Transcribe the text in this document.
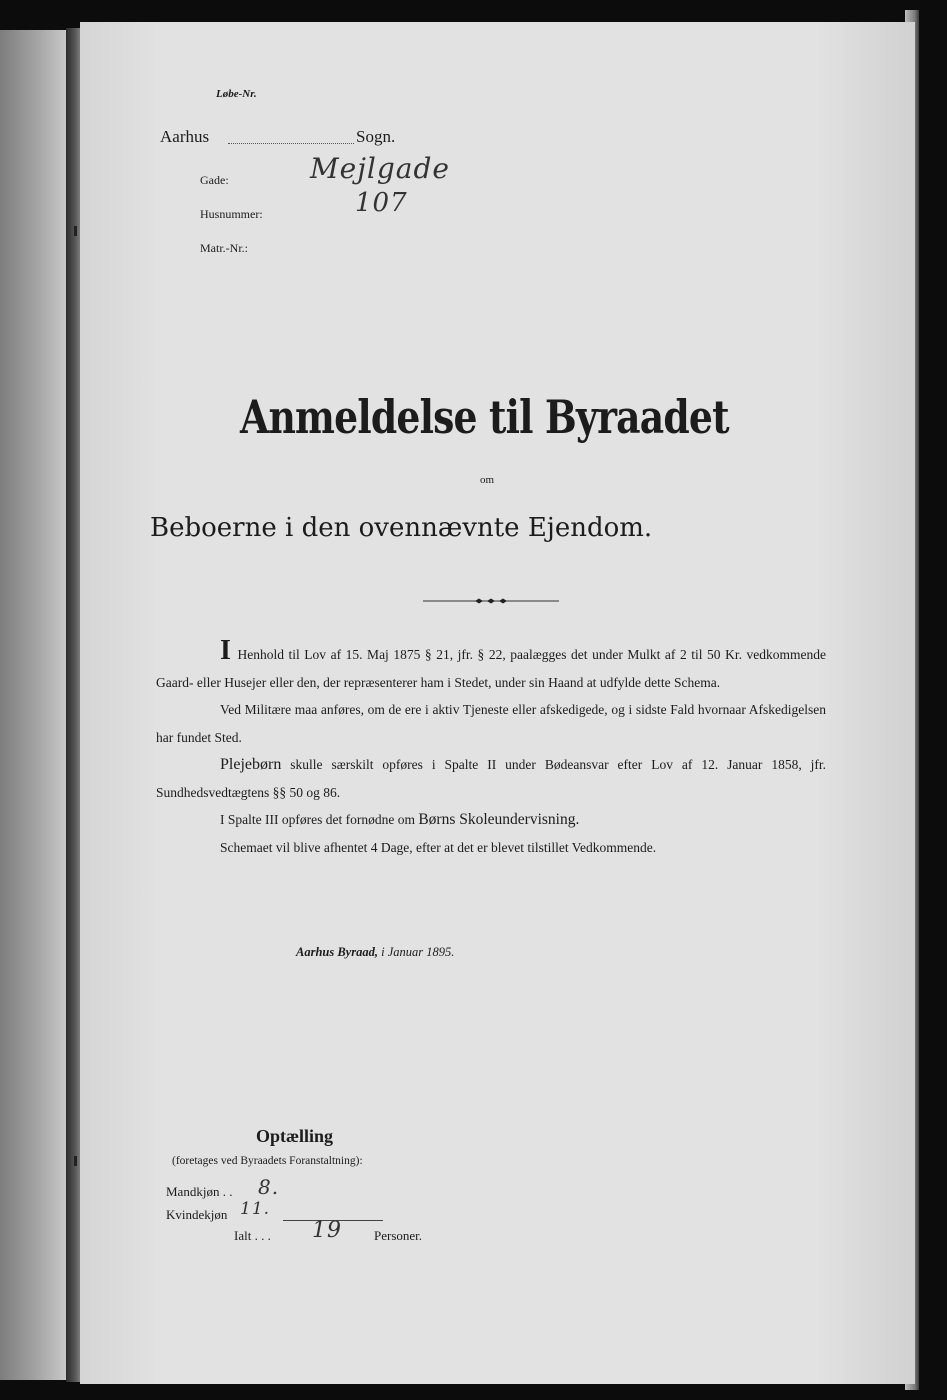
Løbe-Nr.
Aarhus	Sogn.
Gade:	Mejlgade
Husnummer:	107
Matr.-Nr.:
Anmeldelse til Byraadet
om
Beboerne i den ovennævnte Ejendom.

I Henhold til Lov af 15. Maj 1875 § 21, jfr. § 22, paalægges det under Mulkt af 2 til 50 Kr. vedkommende Gaard- eller Husejer eller den, der repræsenterer ham i Stedet, under sin Haand at udfylde dette Schema.

Ved Militære maa anføres, om de ere i aktiv Tjeneste eller afskedigede, og i sidste Fald hvornaar Afskedigelsen har fundet Sted.

Plejebørn skulle særskilt opføres i Spalte II under Bødeansvar efter Lov af 12. Januar 1858, jfr. Sundhedsvedtægtens §§ 50 og 86.

I Spalte III opføres det fornødne om Børns Skoleundervisning.

Schemaet vil blive afhentet 4 Dage, efter at det er blevet tilstillet Vedkommende.

Aarhus Byraad, i Januar 1895.
Optælling
(foretages ved Byraadets Foranstaltning):
Mandkjøn . . 8.
Kvindekjøn 11.
Ialt . . . 19 Personer.
